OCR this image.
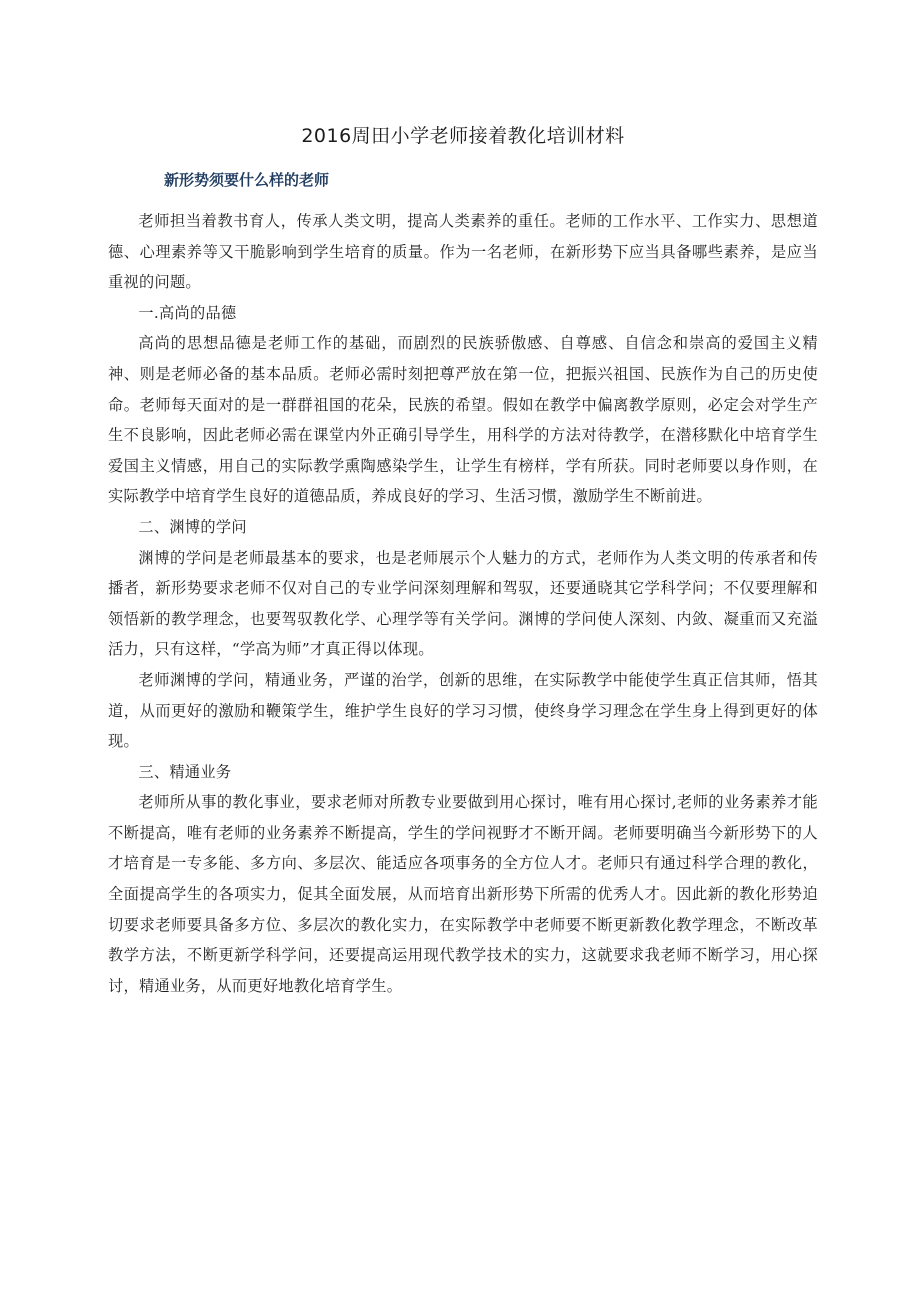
2016周田小学老师接着教化培训材料
新形势须要什么样的老师

老师担当着教书育人，传承人类文明，提高人类素养的重任。老师的工作水平、工作实力、思想道德、心理素养等又干脆影响到学生培育的质量。作为一名老师，在新形势下应当具备哪些素养，是应当重视的问题。

一.高尚的品德

高尚的思想品德是老师工作的基础，而剧烈的民族骄傲感、自尊感、自信念和崇高的爱国主义精神、则是老师必备的基本品质。老师必需时刻把尊严放在第一位，把振兴祖国、民族作为自己的历史使命。老师每天面对的是一群群祖国的花朵，民族的希望。假如在教学中偏离教学原则，必定会对学生产生不良影响，因此老师必需在课堂内外正确引导学生，用科学的方法对待教学，在潜移默化中培育学生爱国主义情感，用自己的实际教学熏陶感染学生，让学生有榜样，学有所获。同时老师要以身作则，在实际教学中培育学生良好的道德品质，养成良好的学习、生活习惯，激励学生不断前进。

二、渊博的学问

渊博的学问是老师最基本的要求，也是老师展示个人魅力的方式，老师作为人类文明的传承者和传播者，新形势要求老师不仅对自己的专业学问深刻理解和驾驭，还要通晓其它学科学问；不仅要理解和领悟新的教学理念，也要驾驭教化学、心理学等有关学问。渊博的学问使人深刻、内敛、凝重而又充溢活力，只有这样，“学高为师”才真正得以体现。

老师渊博的学问，精通业务，严谨的治学，创新的思维，在实际教学中能使学生真正信其师，悟其道，从而更好的激励和鞭策学生，维护学生良好的学习习惯，使终身学习理念在学生身上得到更好的体现。

三、精通业务

老师所从事的教化事业，要求老师对所教专业要做到用心探讨，唯有用心探讨,老师的业务素养才能不断提高，唯有老师的业务素养不断提高，学生的学问视野才不断开阔。老师要明确当今新形势下的人才培育是一专多能、多方向、多层次、能适应各项事务的全方位人才。老师只有通过科学合理的教化，全面提高学生的各项实力，促其全面发展，从而培育出新形势下所需的优秀人才。因此新的教化形势迫切要求老师要具备多方位、多层次的教化实力，在实际教学中老师要不断更新教化教学理念，不断改革教学方法，不断更新学科学问，还要提高运用现代教学技术的实力，这就要求我老师不断学习，用心探讨，精通业务，从而更好地教化培育学生。
